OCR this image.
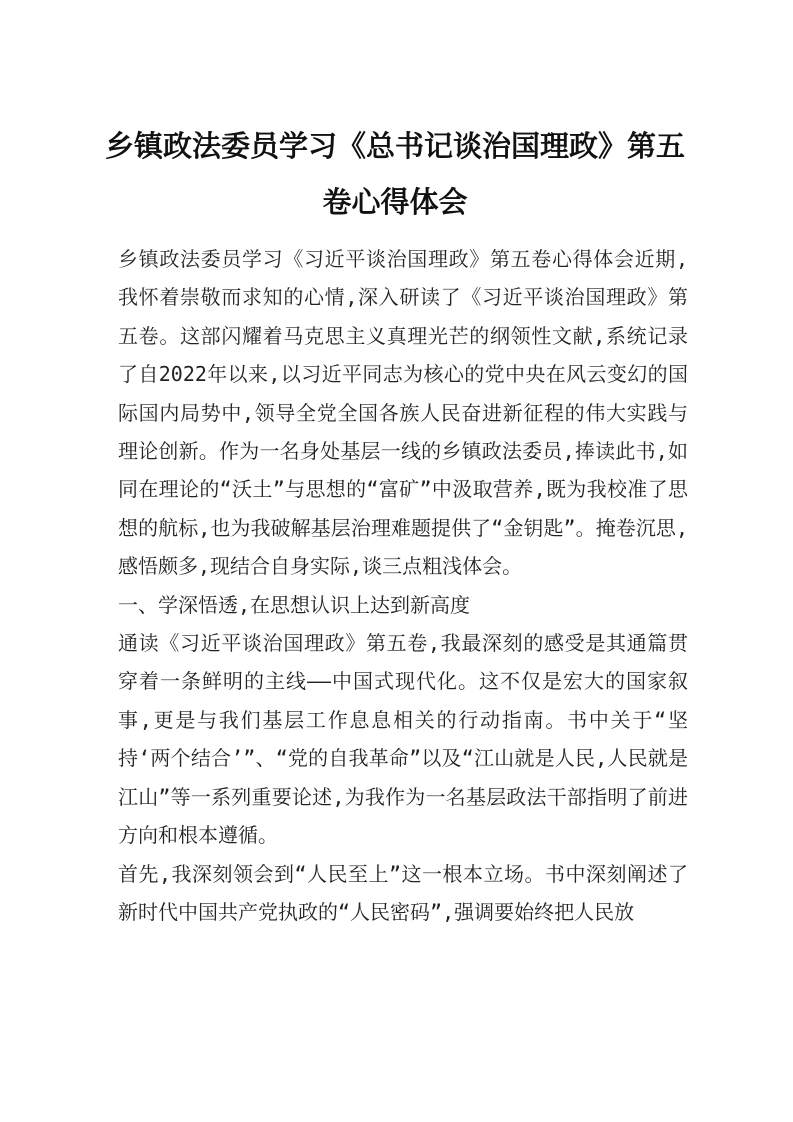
乡镇政法委员学习《总书记谈治国理政》第五卷心得体会

乡镇政法委员学习《习近平谈治国理政》第五卷心得体会近期,我怀着崇敬而求知的心情,深入研读了《习近平谈治国理政》第五卷。这部闪耀着马克思主义真理光芒的纲领性文献,系统记录了自2022年以来,以习近平同志为核心的党中央在风云变幻的国际国内局势中,领导全党全国各族人民奋进新征程的伟大实践与理论创新。作为一名身处基层一线的乡镇政法委员,捧读此书,如同在理论的“沃土”与思想的“富矿”中汲取营养,既为我校准了思想的航标,也为我破解基层治理难题提供了“金钥匙”。掩卷沉思,感悟颇多,现结合自身实际,谈三点粗浅体会。

一、学深悟透,在思想认识上达到新高度

通读《习近平谈治国理政》第五卷,我最深刻的感受是其通篇贯穿着一条鲜明的主线——中国式现代化。这不仅是宏大的国家叙事,更是与我们基层工作息息相关的行动指南。书中关于“坚持‘两个结合’”、“党的自我革命”以及“江山就是人民,人民就是江山”等一系列重要论述,为我作为一名基层政法干部指明了前进方向和根本遵循。

首先,我深刻领会到“人民至上”这一根本立场。书中深刻阐述了新时代中国共产党执政的“人民密码”,强调要始终把人民放
